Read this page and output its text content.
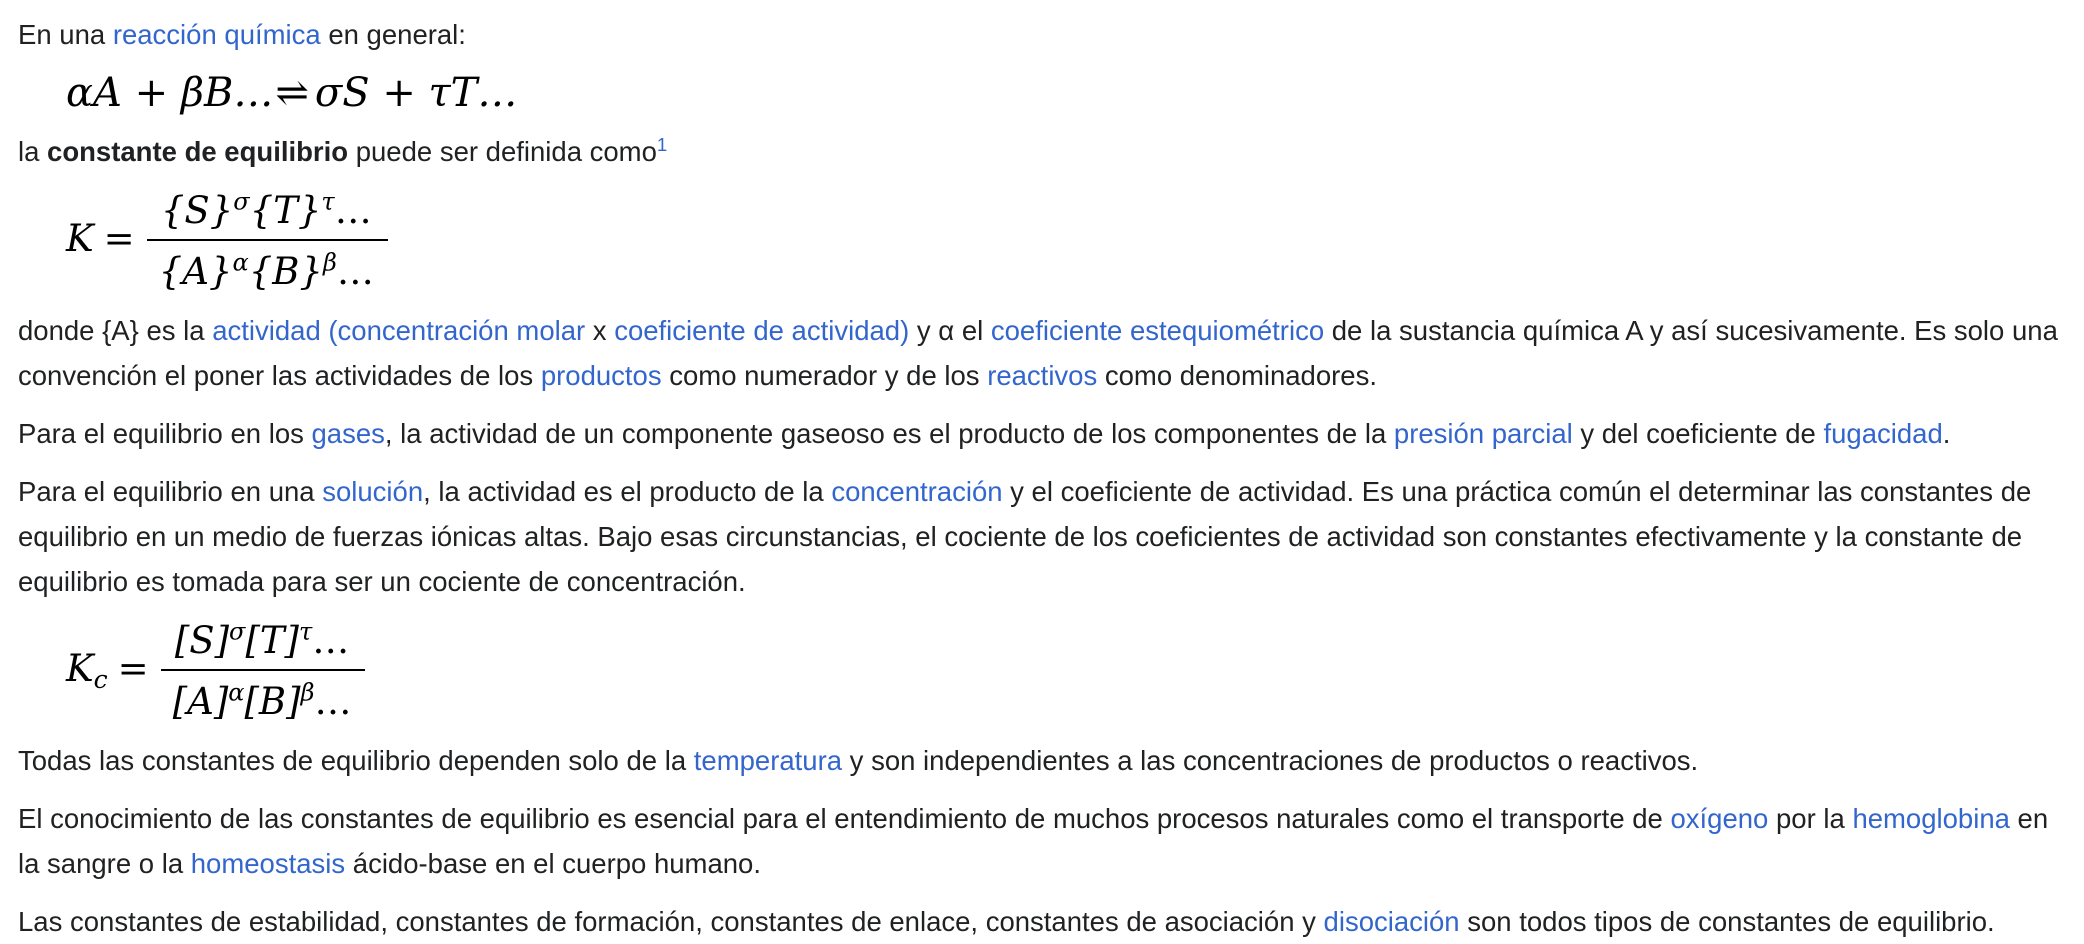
En una reacción química en general:

αA + βB…⇌ σS + τT…

la constante de equilibrio puede ser definida como$^1$

$K = \frac{\{S\}^\sigma\{T\}^\tau\dots}{\{A\}^\alpha\{B\}^\beta\dots}$

donde {A} es la actividad (concentración molar x coeficiente de actividad) y α el coeficiente estequiométrico de la sustancia química A y así sucesivamente. Es solo una convención el poner las actividades de los productos como numerador y de los reactivos como denominadores.

Para el equilibrio en los gases, la actividad de un componente gaseoso es el producto de los componentes de la presión parcial y del coeficiente de fugacidad.

Para el equilibrio en una solución, la actividad es el producto de la concentración y el coeficiente de actividad. Es una práctica común el determinar las constantes de equilibrio en un medio de fuerzas iónicas altas. Bajo esas circunstancias, el cociente de los coeficientes de actividad son constantes efectivamente y la constante de equilibrio es tomada para ser un cociente de concentración.

$K_c = \frac{[S]^\sigma[T]^\tau\dots}{[A]^\alpha[B]^\beta\dots}$

Todas las constantes de equilibrio dependen solo de la temperatura y son independientes a las concentraciones de productos o reactivos.

El conocimiento de las constantes de equilibrio es esencial para el entendimiento de muchos procesos naturales como el transporte de oxígeno por la hemoglobina en la sangre o la homeostasis ácido-base en el cuerpo humano.

Las constantes de estabilidad, constantes de formación, constantes de enlace, constantes de asociación y disociación son todos tipos de constantes de equilibrio.
